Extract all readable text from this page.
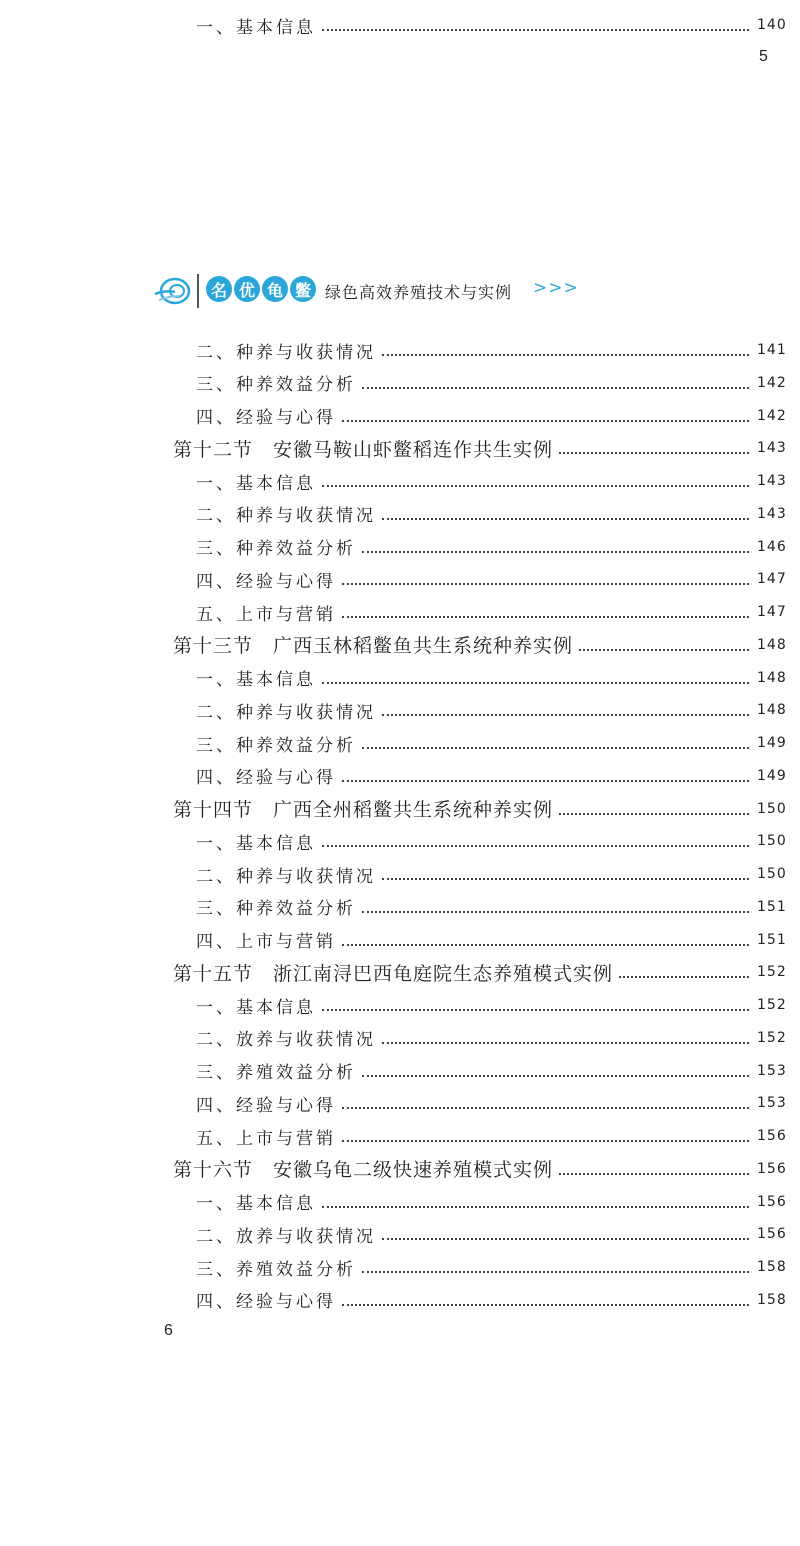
一、基本信息	140
5
名 优 龟 鳖 绿色高效养殖技术与实例 >>>
二、种养与收获情况	141
三、种养效益分析	142
四、经验与心得	142
第十二节　安徽马鞍山虾鳖稻连作共生实例	143
一、基本信息	143
二、种养与收获情况	143
三、种养效益分析	146
四、经验与心得	147
五、上市与营销	147
第十三节　广西玉林稻鳖鱼共生系统种养实例	148
一、基本信息	148
二、种养与收获情况	148
三、种养效益分析	149
四、经验与心得	149
第十四节　广西全州稻鳖共生系统种养实例	150
一、基本信息	150
二、种养与收获情况	150
三、种养效益分析	151
四、上市与营销	151
第十五节　浙江南浔巴西龟庭院生态养殖模式实例	152
一、基本信息	152
二、放养与收获情况	152
三、养殖效益分析	153
四、经验与心得	153
五、上市与营销	156
第十六节　安徽乌龟二级快速养殖模式实例	156
一、基本信息	156
二、放养与收获情况	156
三、养殖效益分析	158
四、经验与心得	158
6
